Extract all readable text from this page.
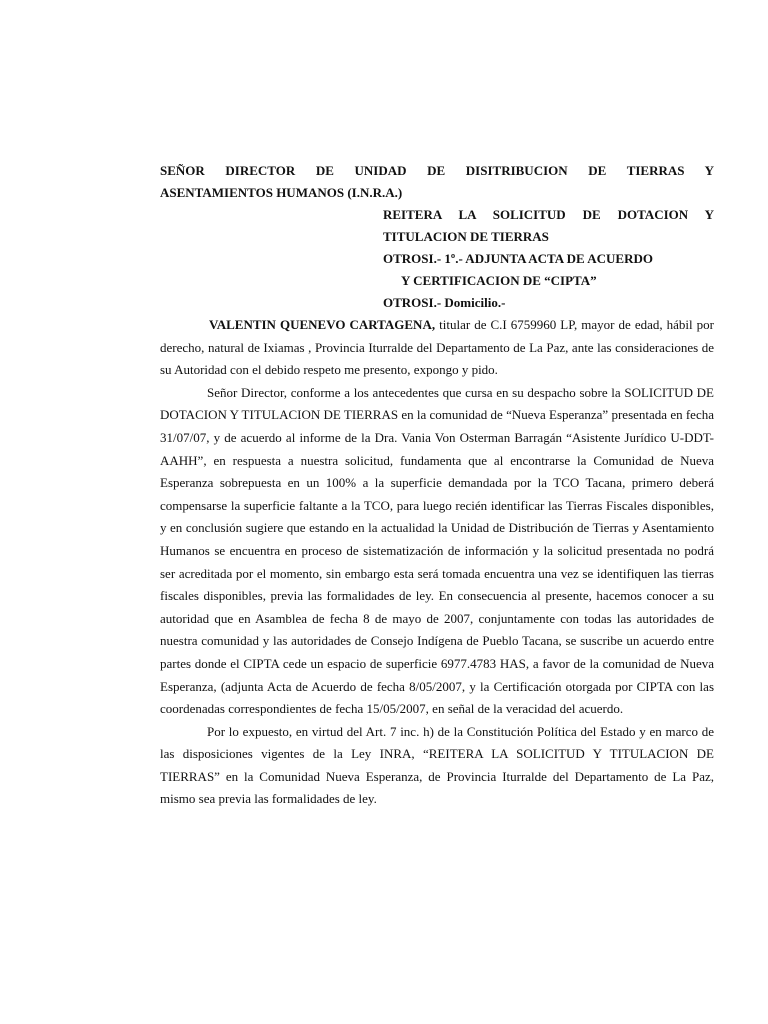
SEÑOR DIRECTOR DE UNIDAD DE DISITRIBUCION DE TIERRAS Y

ASENTAMIENTOS HUMANOS (I.N.R.A.)

REITERA LA SOLICITUD DE DOTACION Y

TITULACION DE TIERRAS

OTROSI.- 1º.- ADJUNTA ACTA DE ACUERDO

Y CERTIFICACION DE “CIPTA”

OTROSI.- Domicilio.-

VALENTIN QUENEVO CARTAGENA, titular de C.I 6759960 LP, mayor de edad, hábil por derecho, natural de Ixiamas , Provincia Iturralde del Departamento de La Paz, ante las consideraciones de su Autoridad con el debido respeto me presento, expongo y pido.

Señor Director, conforme a los antecedentes que cursa en su despacho sobre la SOLICITUD DE DOTACION Y TITULACION DE TIERRAS en la comunidad de “Nueva Esperanza” presentada en fecha 31/07/07, y de acuerdo al informe de la Dra. Vania Von Osterman Barragán “Asistente Jurídico U-DDT-AAHH”, en respuesta a nuestra solicitud, fundamenta que al encontrarse la Comunidad de Nueva Esperanza sobrepuesta en un 100% a la superficie demandada por la TCO Tacana, primero deberá compensarse la superficie faltante a la TCO, para luego recién identificar las Tierras Fiscales disponibles, y en conclusión sugiere que estando en la actualidad la Unidad de Distribución de Tierras y Asentamiento Humanos se encuentra en proceso de sistematización de información y la solicitud presentada no podrá ser acreditada por el momento, sin embargo esta será tomada encuentra una vez se identifiquen las tierras fiscales disponibles, previa las formalidades de ley. En consecuencia al presente, hacemos conocer a su autoridad que en Asamblea de fecha 8 de mayo de 2007, conjuntamente con todas las autoridades de nuestra comunidad y las autoridades de Consejo Indígena de Pueblo Tacana, se suscribe un acuerdo entre partes donde el CIPTA cede un espacio de superficie 6977.4783 HAS, a favor de la comunidad de Nueva Esperanza, (adjunta Acta de Acuerdo de fecha 8/05/2007, y la Certificación otorgada por CIPTA con las coordenadas correspondientes de fecha 15/05/2007, en señal de la veracidad del acuerdo.

Por lo expuesto, en virtud del Art. 7 inc. h) de la Constitución Política del Estado y en marco de las disposiciones vigentes de la Ley INRA, “REITERA LA SOLICITUD Y TITULACION DE TIERRAS” en la Comunidad Nueva Esperanza, de Provincia Iturralde del Departamento de La Paz, mismo sea previa las formalidades de ley.
